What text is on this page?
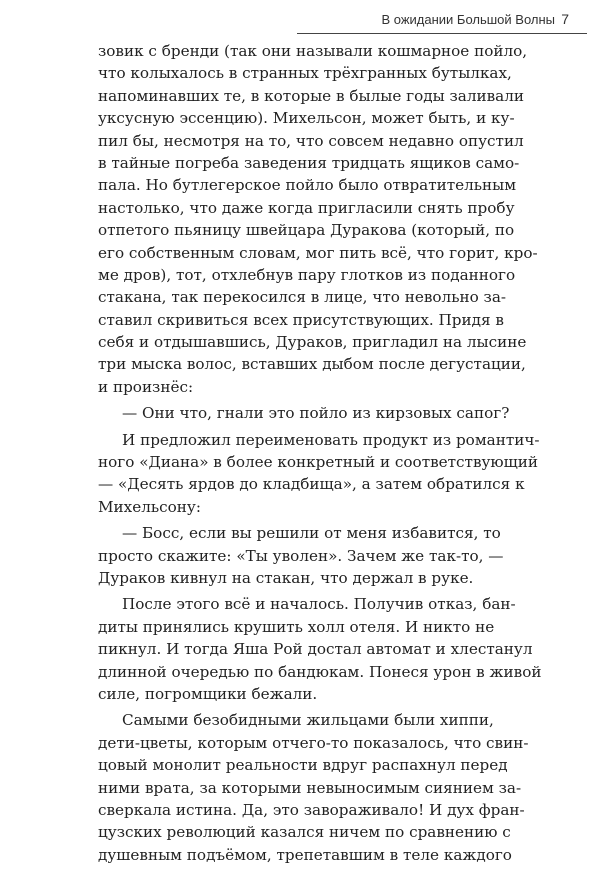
В ожидании Большой Волны 7
зовик с бренди (так они называли кошмарное пойло,
что колыхалось в странных трёхгранных бутылках,
напоминавших те, в которые в былые годы заливали
уксусную эссенцию). Михельсон, может быть, и ку-
пил бы, несмотря на то, что совсем недавно опустил
в тайные погреба заведения тридцать ящиков само-
пала. Но бутлегерское пойло было отвратительным
настолько, что даже когда пригласили снять пробу
отпетого пьяницу швейцара Дуракова (который, по
его собственным словам, мог пить всё, что горит, кро-
ме дров), тот, отхлебнув пару глотков из поданного
стакана, так перекосился в лице, что невольно за-
ставил скривиться всех присутствующих. Придя в
себя и отдышавшись, Дураков, пригладил на лысине
три мыска волос, вставших дыбом после дегустации,
и произнёс:
— Они что, гнали это пойло из кирзовых сапог?
И предложил переименовать продукт из романтич-
ного «Диана» в более конкретный и соответствующий
— «Десять ярдов до кладбища», а затем обратился к
Михельсону:
— Босс, если вы решили от меня избавится, то
просто скажите: «Ты уволен». Зачем же так-то, —
Дураков кивнул на стакан, что держал в руке.
После этого всё и началось. Получив отказ, бан-
диты принялись крушить холл отеля. И никто не
пикнул. И тогда Яша Рой достал автомат и хлестанул
длинной очередью по бандюкам. Понеся урон в живой
силе, погромщики бежали.
Самыми безобидными жильцами были хиппи,
дети-цветы, которым отчего-то показалось, что свин-
цовый монолит реальности вдруг распахнул перед
ними врата, за которыми невыносимым сиянием за-
сверкала истина. Да, это завораживало! И дух фран-
цузских революций казался ничем по сравнению с
душевным подъёмом, трепетавшим в теле каждого
